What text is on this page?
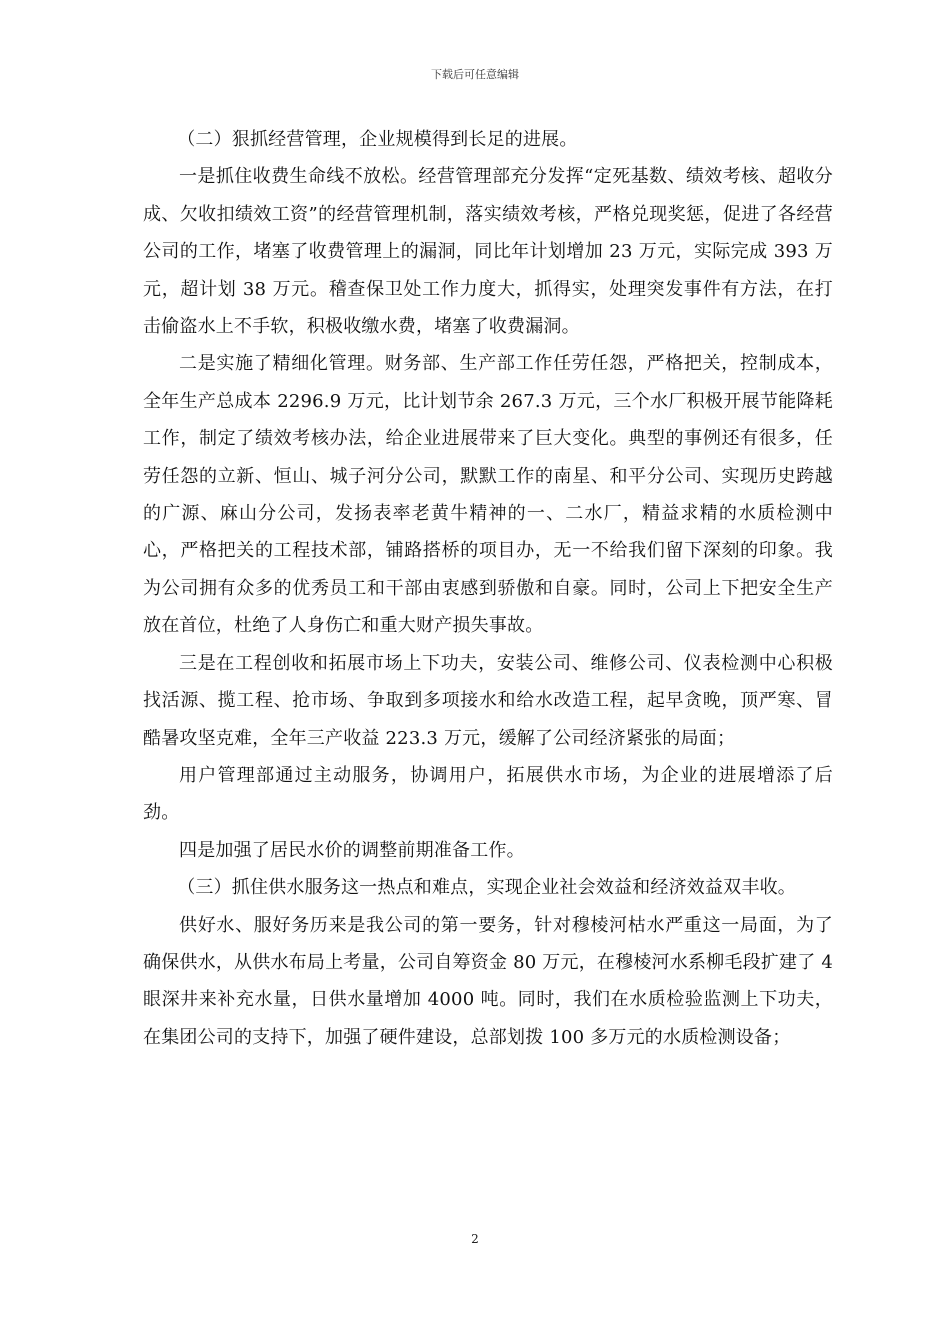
下载后可任意编辑

（二）狠抓经营管理，企业规模得到长足的进展。

一是抓住收费生命线不放松。经营管理部充分发挥“定死基数、绩效考核、超收分成、欠收扣绩效工资”的经营管理机制，落实绩效考核，严格兑现奖惩，促进了各经营公司的工作，堵塞了收费管理上的漏洞，同比年计划增加 23 万元，实际完成 393 万元，超计划 38 万元。稽查保卫处工作力度大，抓得实，处理突发事件有方法，在打击偷盗水上不手软，积极收缴水费，堵塞了收费漏洞。

二是实施了精细化管理。财务部、生产部工作任劳任怨，严格把关，控制成本，全年生产总成本 2296.9 万元，比计划节余 267.3 万元，三个水厂积极开展节能降耗工作，制定了绩效考核办法，给企业进展带来了巨大变化。典型的事例还有很多，任劳任怨的立新、恒山、城子河分公司，默默工作的南星、和平分公司、实现历史跨越的广源、麻山分公司，发扬表率老黄牛精神的一、二水厂，精益求精的水质检测中心，严格把关的工程技术部，铺路搭桥的项目办，无一不给我们留下深刻的印象。我为公司拥有众多的优秀员工和干部由衷感到骄傲和自豪。同时，公司上下把安全生产放在首位，杜绝了人身伤亡和重大财产损失事故。

三是在工程创收和拓展市场上下功夫，安装公司、维修公司、仪表检测中心积极找活源、揽工程、抢市场、争取到多项接水和给水改造工程，起早贪晚，顶严寒、冒酷暑攻坚克难，全年三产收益 223.3 万元，缓解了公司经济紧张的局面；

用户管理部通过主动服务，协调用户，拓展供水市场，为企业的进展增添了后劲。

四是加强了居民水价的调整前期准备工作。

（三）抓住供水服务这一热点和难点，实现企业社会效益和经济效益双丰收。

供好水、服好务历来是我公司的第一要务，针对穆棱河枯水严重这一局面，为了确保供水，从供水布局上考量，公司自筹资金 80 万元，在穆棱河水系柳毛段扩建了 4 眼深井来补充水量，日供水量增加 4000 吨。同时，我们在水质检验监测上下功夫，在集团公司的支持下，加强了硬件建设，总部划拨 100 多万元的水质检测设备；

2
